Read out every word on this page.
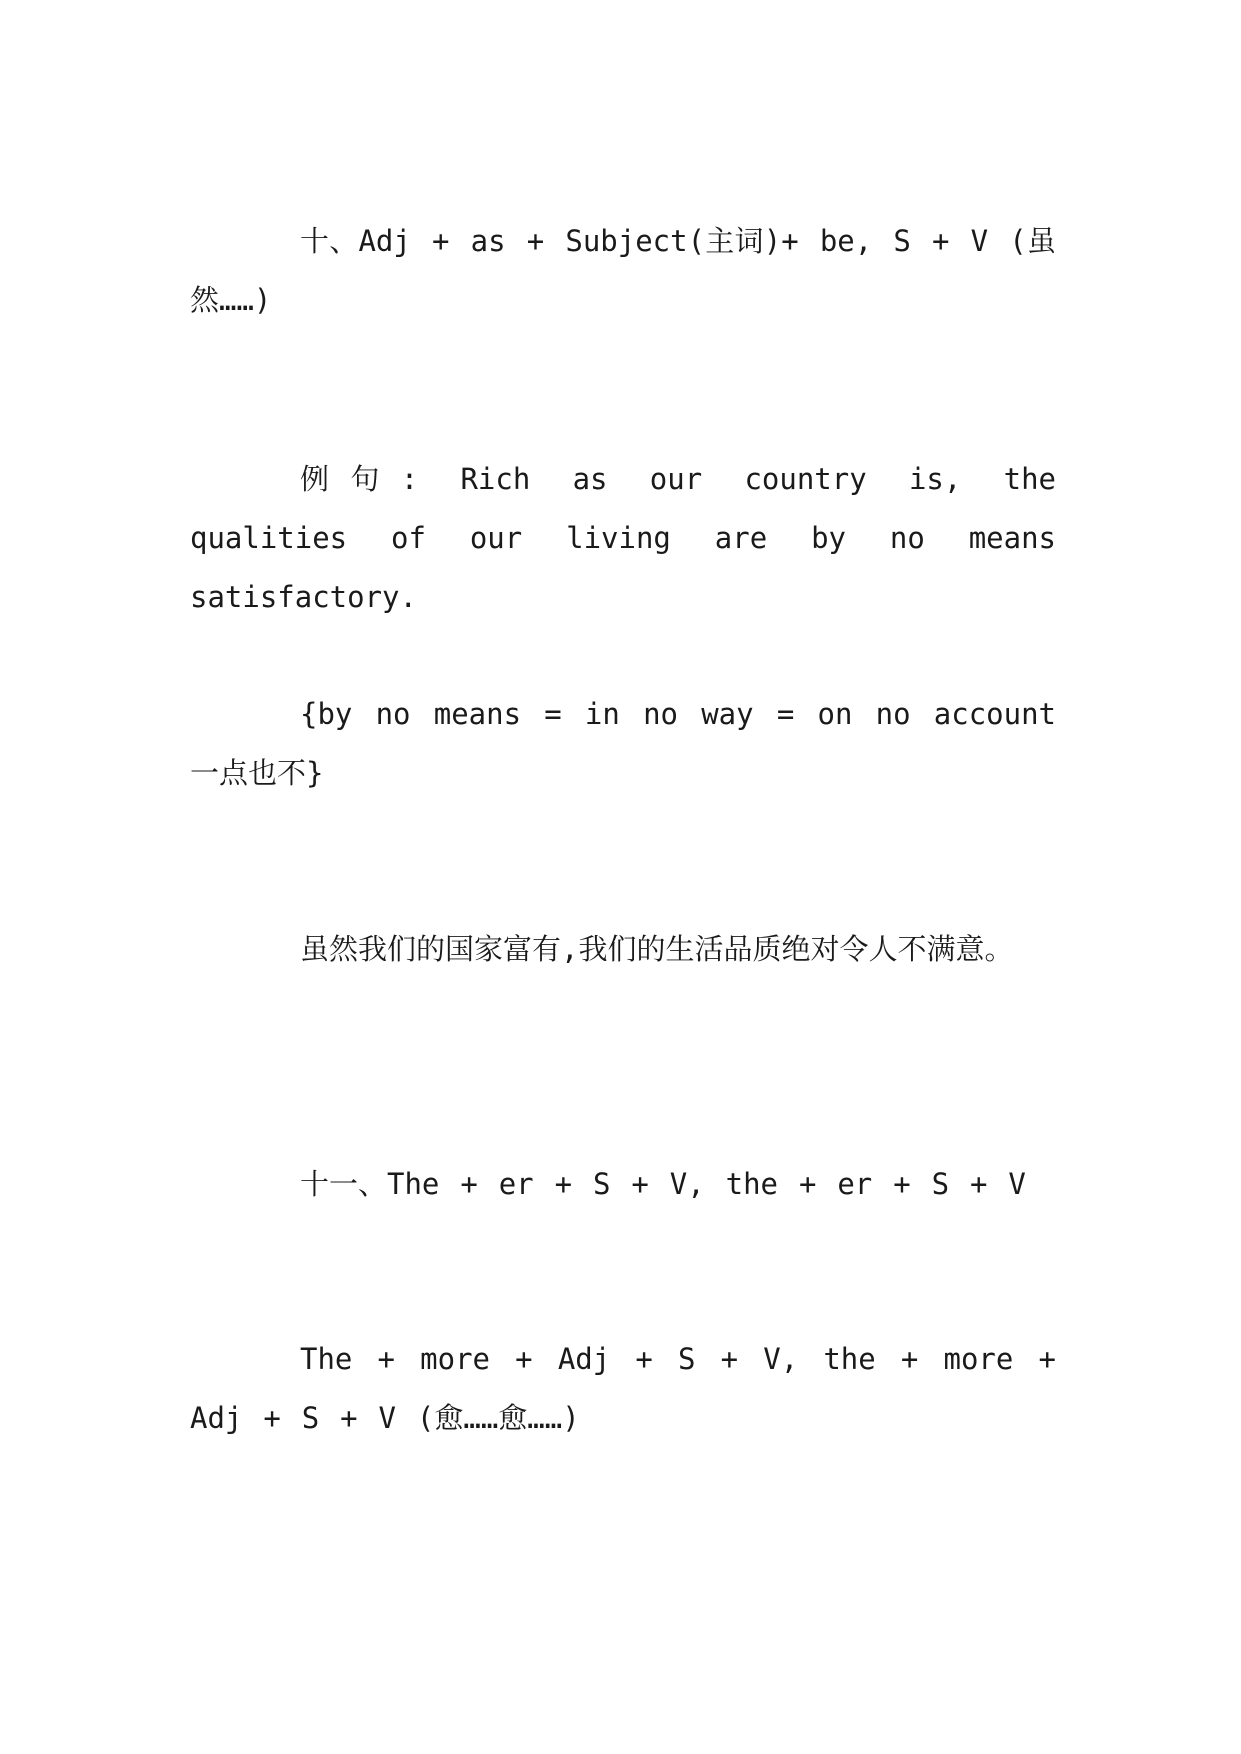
十、Adj + as + Subject(主词)+ be, S + V (虽然……)

例句: Rich as our country is, the qualities of our living are by no means satisfactory.

{by no means = in no way = on no account 一点也不}

虽然我们的国家富有,我们的生活品质绝对令人不满意。

十一、The + er + S + V, the + er + S + V

The + more + Adj + S + V, the + more + Adj + S + V (愈……愈……)
